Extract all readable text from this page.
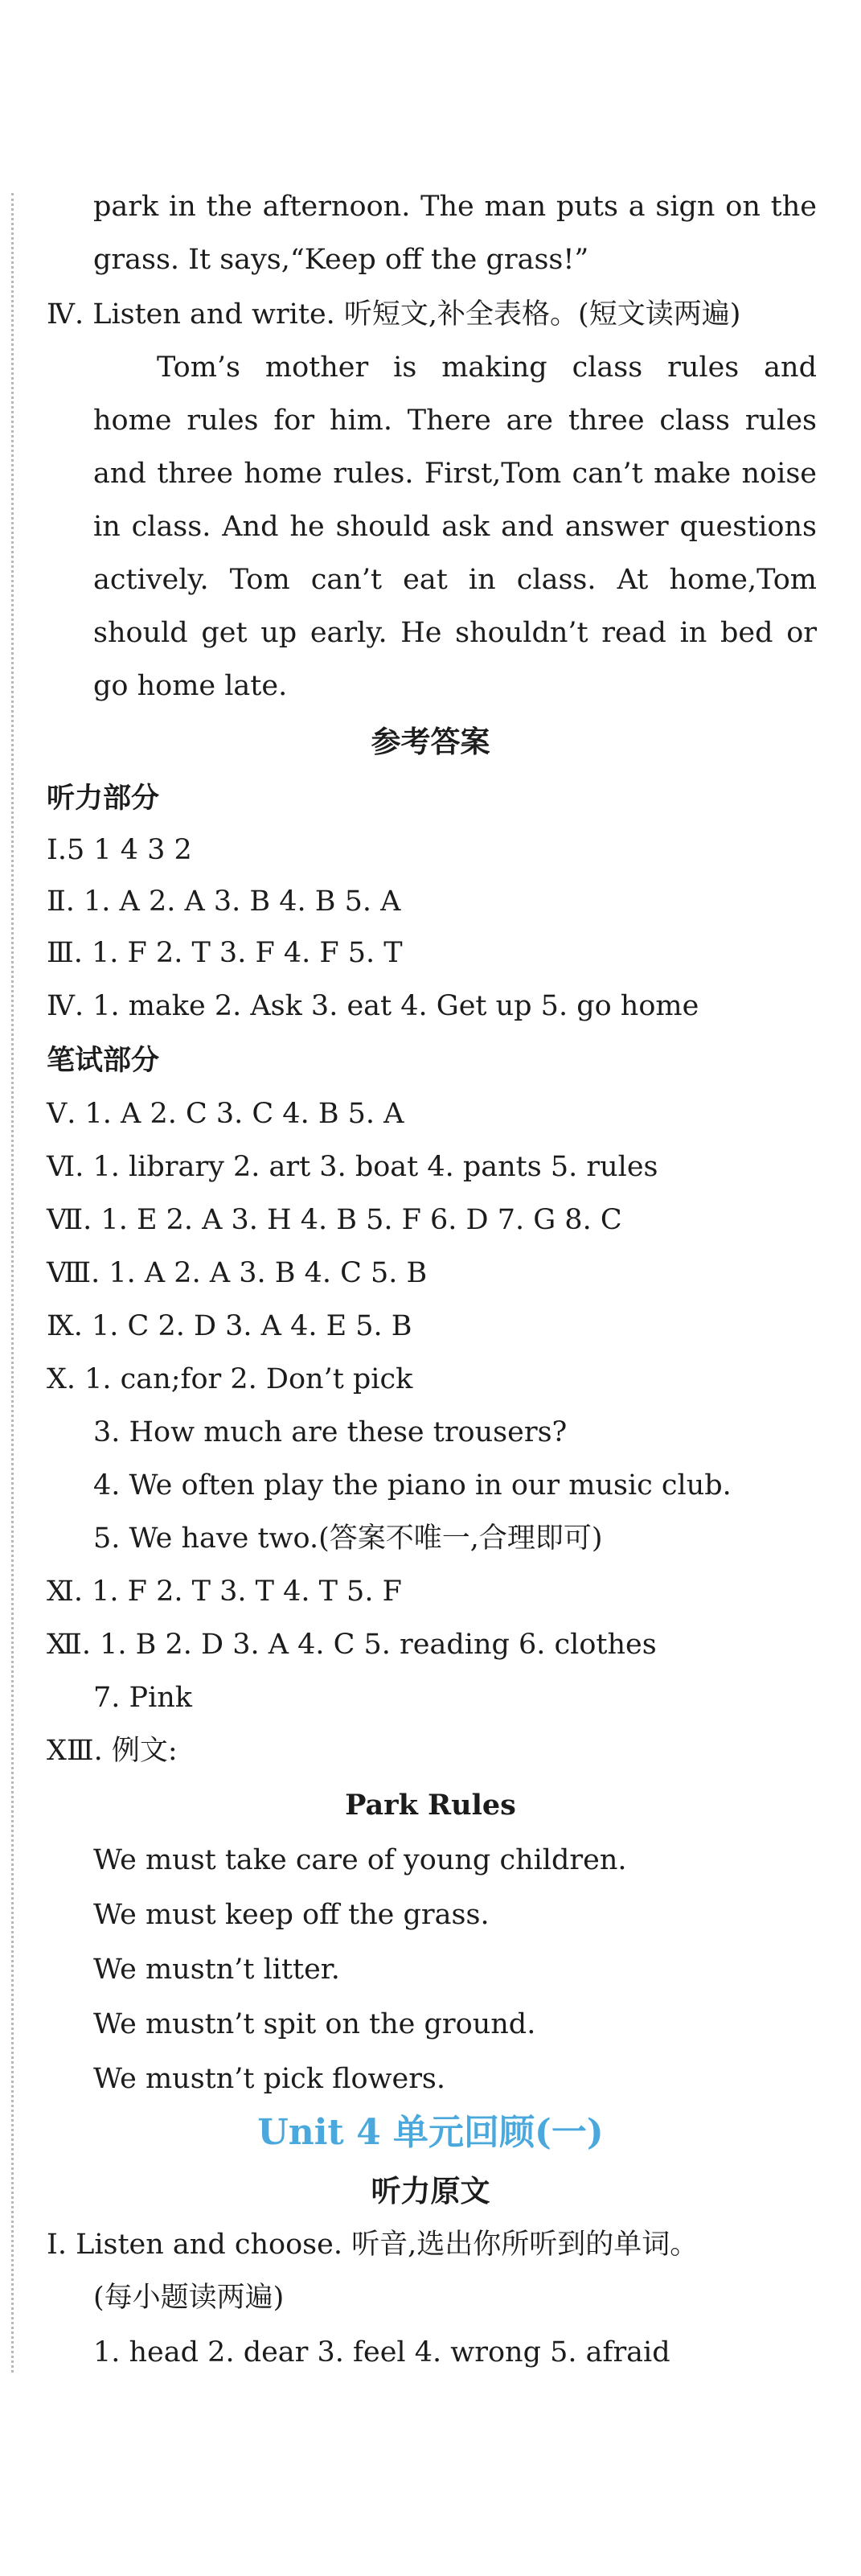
park in the afternoon. The man puts a sign on the
grass. It says,“Keep off the grass!”
Ⅳ. Listen and write. 听短文,补全表格。(短文读两遍)
Tom’s mother is making class rules and
home rules for him. There are three class rules
and three home rules. First,Tom can’t make noise
in class. And he should ask and answer questions
actively. Tom can’t eat in class. At home,Tom
should get up early. He shouldn’t read in bed or
go home late.
参考答案
听力部分
Ⅰ.5 1 4 3 2
Ⅱ. 1. A 2. A 3. B 4. B 5. A
Ⅲ. 1. F 2. T 3. F 4. F 5. T
Ⅳ. 1. make 2. Ask 3. eat 4. Get up 5. go home
笔试部分
Ⅴ. 1. A 2. C 3. C 4. B 5. A
Ⅵ. 1. library 2. art 3. boat 4. pants 5. rules
Ⅶ. 1. E 2. A 3. H 4. B 5. F 6. D 7. G 8. C
Ⅷ. 1. A 2. A 3. B 4. C 5. B
Ⅸ. 1. C 2. D 3. A 4. E 5. B
Ⅹ. 1. can;for 2. Don’t pick
3. How much are these trousers?
4. We often play the piano in our music club.
5. We have two.(答案不唯一,合理即可)
Ⅺ. 1. F 2. T 3. T 4. T 5. F
Ⅻ. 1. B 2. D 3. A 4. C 5. reading 6. clothes
7. Pink
ⅩⅢ. 例文:
Park Rules
We must take care of young children.
We must keep off the grass.
We mustn’t litter.
We mustn’t spit on the ground.
We mustn’t pick flowers.
Unit 4 单元回顾(一)
听力原文
Ⅰ. Listen and choose. 听音,选出你所听到的单词。
(每小题读两遍)
1. head 2. dear 3. feel 4. wrong 5. afraid
